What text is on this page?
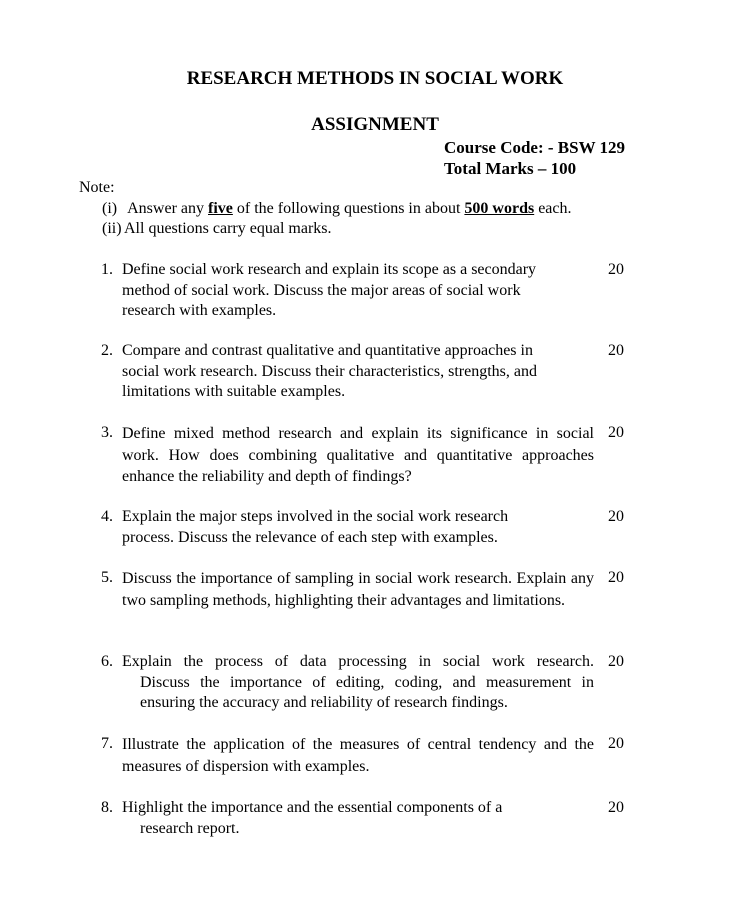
RESEARCH METHODS IN SOCIAL WORK
ASSIGNMENT
Course Code: - BSW 129
Total Marks – 100
Note:
(i) Answer any five of the following questions in about 500 words each.
(ii) All questions carry equal marks.
1. Define social work research and explain its scope as a secondary
method of social work. Discuss the major areas of social work
research with examples.
20
2. Compare and contrast qualitative and quantitative approaches in
social work research. Discuss their characteristics, strengths, and
limitations with suitable examples.
20
3. Define mixed method research and explain its significance in social work. How does combining qualitative and quantitative approaches enhance the reliability and depth of findings?
20
4. Explain the major steps involved in the social work research
process. Discuss the relevance of each step with examples.
20
5. Discuss the importance of sampling in social work research. Explain any two sampling methods, highlighting their advantages and limitations.
20
6. Explain the process of data processing in social work research.
Discuss the importance of editing, coding, and measurement in ensuring the accuracy and reliability of research findings.
20
7. Illustrate the application of the measures of central tendency and the measures of dispersion with examples.
20
8. Highlight the importance and the essential components of a
research report.
20
